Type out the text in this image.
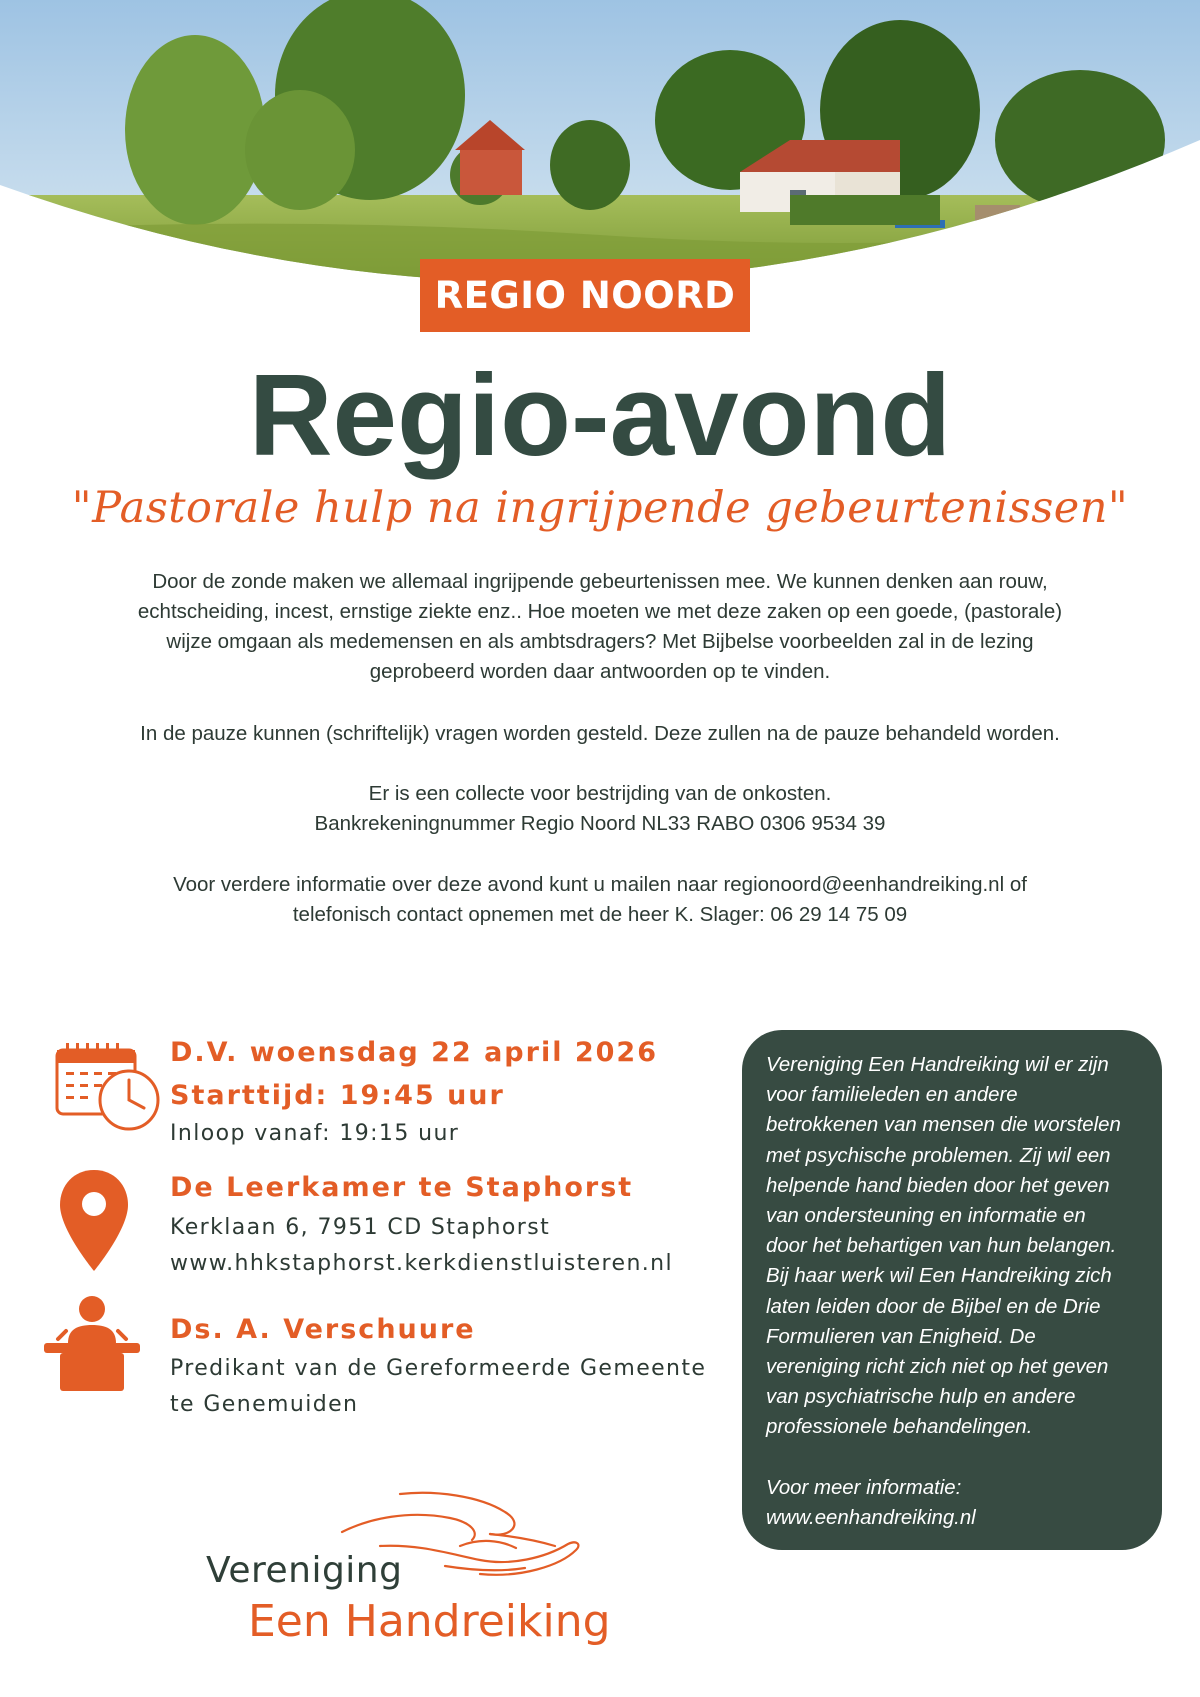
REGIO NOORD
Regio-avond
"Pastorale hulp na ingrijpende gebeurtenissen"

Door de zonde maken we allemaal ingrijpende gebeurtenissen mee. We kunnen denken aan rouw,
echtscheiding, incest, ernstige ziekte enz.. Hoe moeten we met deze zaken op een goede, (pastorale)
wijze omgaan als medemensen en als ambtsdragers? Met Bijbelse voorbeelden zal in de lezing
geprobeerd worden daar antwoorden op te vinden.

In de pauze kunnen (schriftelijk) vragen worden gesteld. Deze zullen na de pauze behandeld worden.

Er is een collecte voor bestrijding van de onkosten.
Bankrekeningnummer Regio Noord NL33 RABO 0306 9534 39

Voor verdere informatie over deze avond kunt u mailen naar regionoord@eenhandreiking.nl of
telefonisch contact opnemen met de heer K. Slager: 06 29 14 75 09

D.V. woensdag 22 april 2026
Starttijd: 19:45 uur
Inloop vanaf: 19:15 uur
De Leerkamer te Staphorst
Kerklaan 6, 7951 CD Staphorst
www.hhkstaphorst.kerkdienstluisteren.nl
Ds. A. Verschuure
Predikant van de Gereformeerde Gemeente
te Genemuiden
Vereniging Een Handreiking wil er zijn
voor familieleden en andere
betrokkenen van mensen die worstelen
met psychische problemen. Zij wil een
helpende hand bieden door het geven
van ondersteuning en informatie en
door het behartigen van hun belangen.
Bij haar werk wil Een Handreiking zich
laten leiden door de Bijbel en de Drie
Formulieren van Enigheid. De
vereniging richt zich niet op het geven
van psychiatrische hulp en andere
professionele behandelingen.
Voor meer informatie:
www.eenhandreiking.nl
Vereniging
Een Handreiking
